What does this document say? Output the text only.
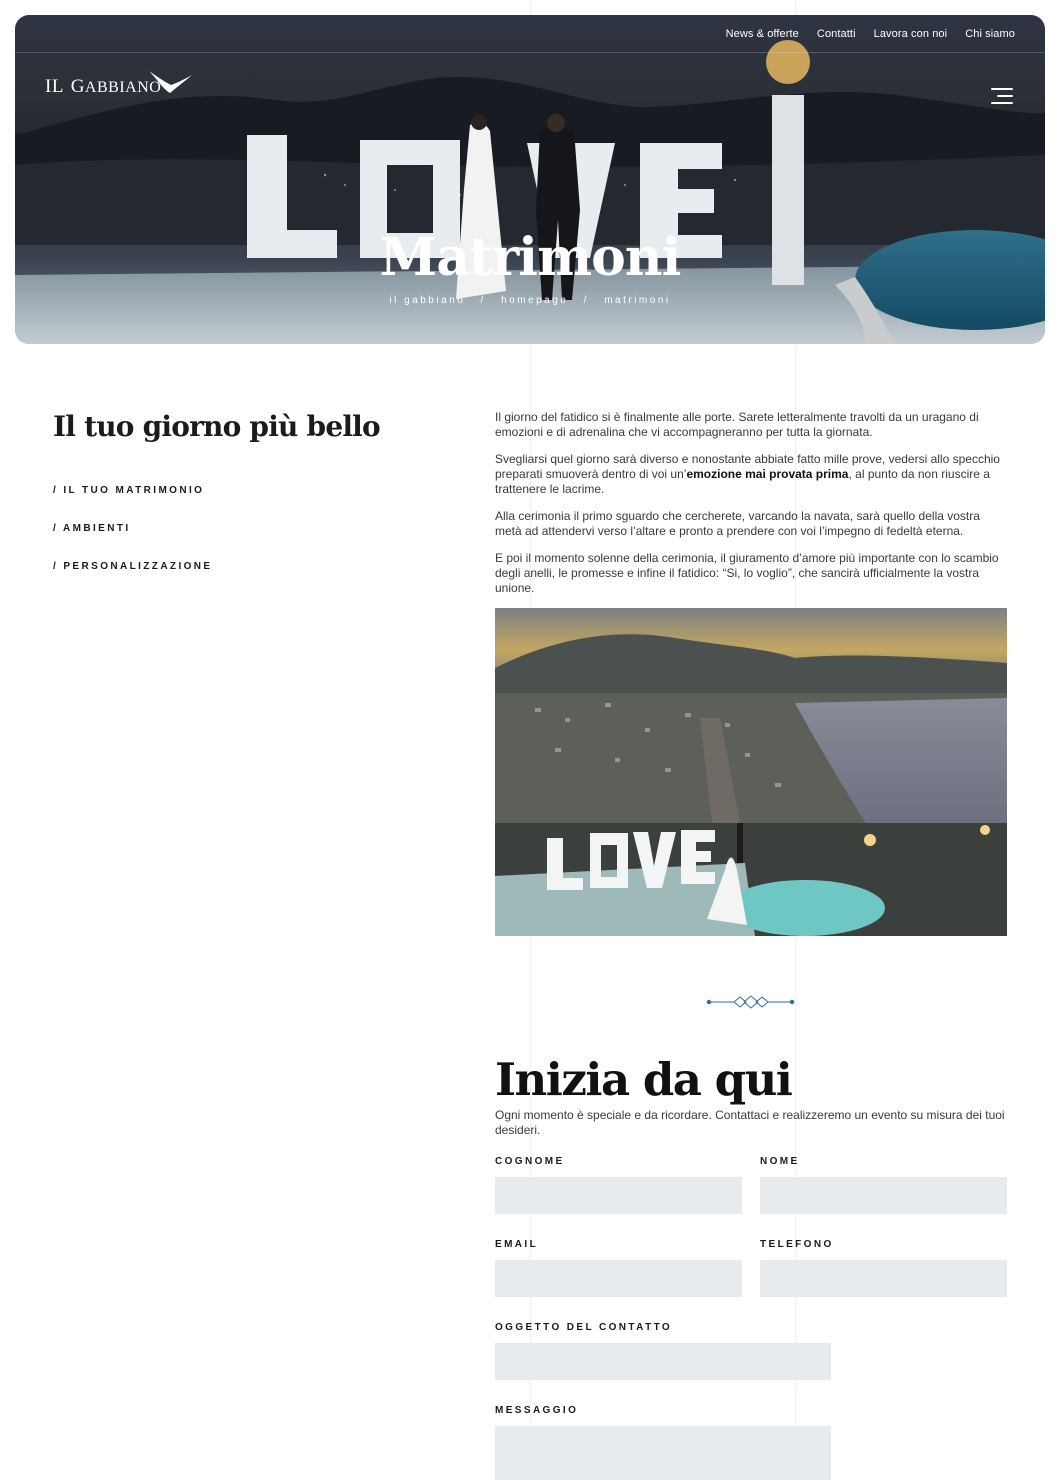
News & offerte Contatti Lavora con noi Chi siamo
IL GABBIANO
Matrimoni
il gabbiano / homepage / matrimoni
Il tuo giorno più bello
/ IL TUO MATRIMONIO
/ AMBIENTI
/ PERSONALIZZAZIONE

Il giorno del fatidico si è finalmente alle porte. Sarete letteralmente travolti da un uragano di emozioni e di adrenalina che vi accompagneranno per tutta la giornata.

Svegliarsi quel giorno sarà diverso e nonostante abbiate fatto mille prove, vedersi allo specchio preparati smuoverà dentro di voi un’emozione mai provata prima, al punto da non riuscire a trattenere le lacrime.

Alla cerimonia il primo sguardo che cercherete, varcando la navata, sarà quello della vostra metà ad attendervi verso l’altare e pronto a prendere con voi l’impegno di fedeltà eterna.

E poi il momento solenne della cerimonia, il giuramento d’amore più importante con lo scambio degli anelli, le promesse e infine il fatidico: “Si, lo voglio”, che sancirà ufficialmente la vostra unione.

Inizia da qui

Ogni momento è speciale e da ricordare. Contattaci e realizzeremo un evento su misura dei tuoi desideri.

COGNOME	NOME
EMAIL	TELEFONO
OGGETTO DEL CONTATTO
MESSAGGIO
